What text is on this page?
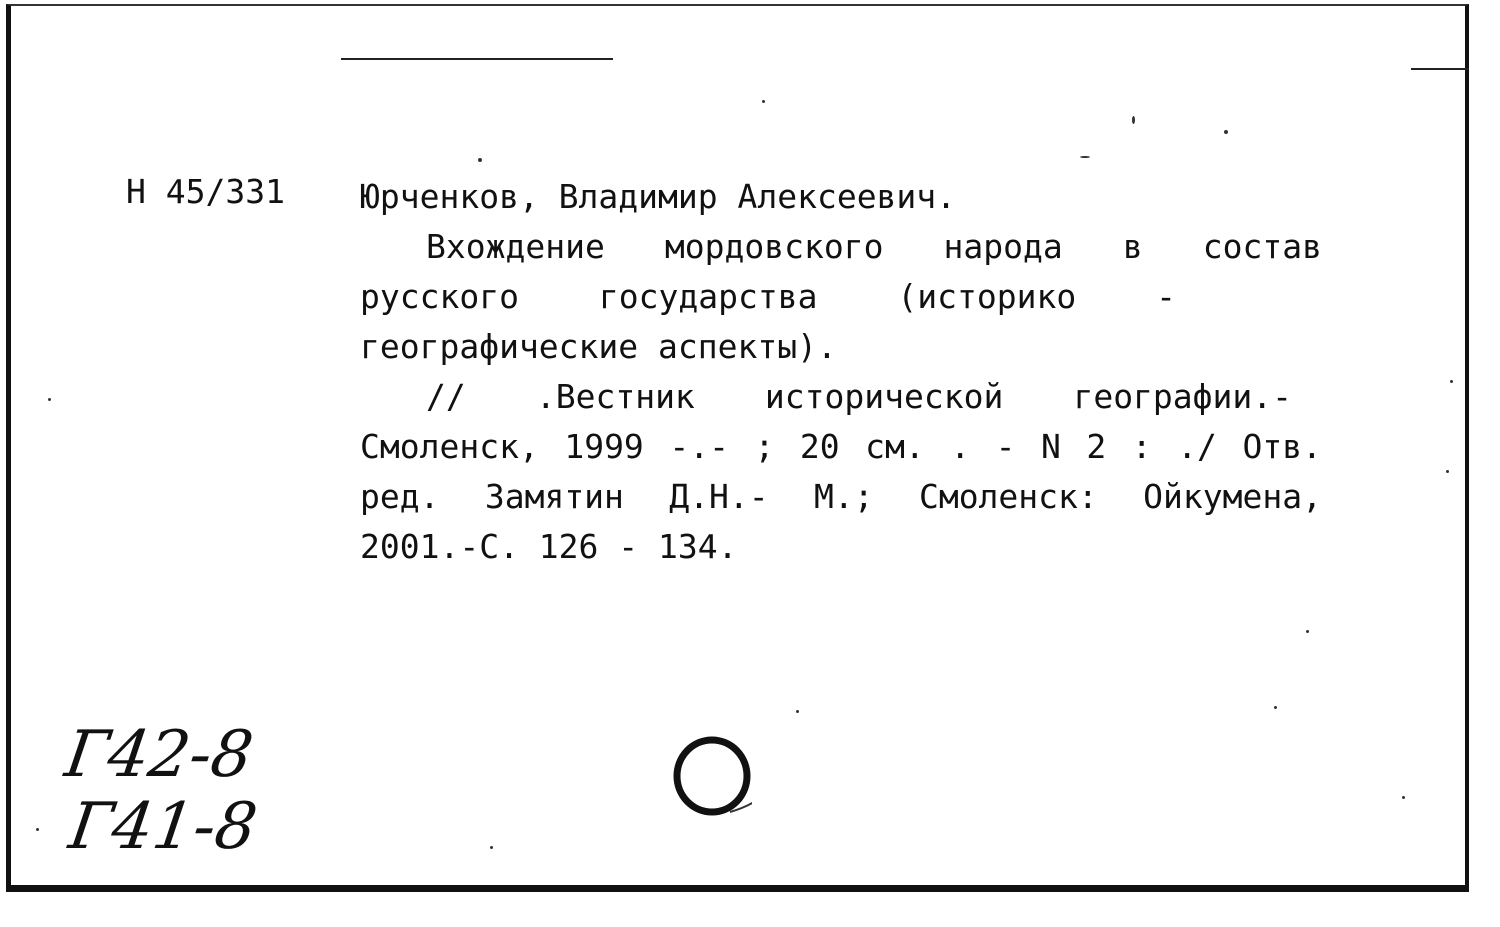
Н 45/331 Юрченков, Владимир Алексеевич.
Вхождение мордовского народа в состав
русского государства (историко -
географические аспекты).
// .Вестник исторической географии.-
Смоленск, 1999 -.- ; 20 см. . - N 2 : ./ Отв.
ред. Замятин Д.Н.- М.; Смоленск: Ойкумена,
2001.-С. 126 - 134.
Г42-8
Г41-8
